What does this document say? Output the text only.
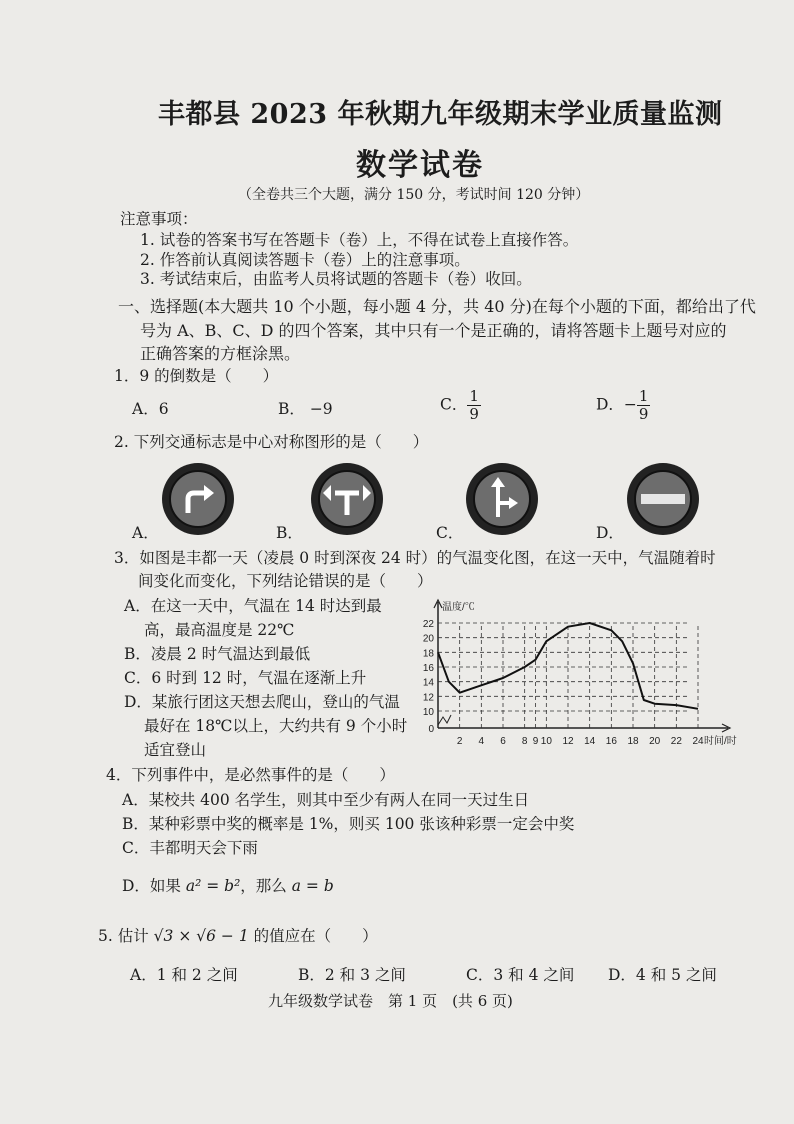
丰都县 2023 年秋期九年级期末学业质量监测
数学试卷
（全卷共三个大题，满分 150 分，考试时间 120 分钟）
注意事项：
1. 试卷的答案书写在答题卡（卷）上，不得在试卷上直接作答。
2. 作答前认真阅读答题卡（卷）上的注意事项。
3. 考试结束后，由监考人员将试题的答题卡（卷）收回。
一、选择题(本大题共 10 个小题，每小题 4 分，共 40 分)在每个小题的下面，都给出了代
号为 A、B、C、D 的四个答案，其中只有一个是正确的，请将答题卡上题号对应的
正确答案的方框涂黑。
1．9 的倒数是（　　）
A．6	B． −9	C． $\frac{1}{9}$	D．− $\frac{1}{9}$
2. 下列交通标志是中心对称图形的是（　　）
A．	B．	C．	D．
3．如图是丰都一天（凌晨 0 时到深夜 24 时）的气温变化图，在这一天中，气温随着时
间变化而变化，下列结论错误的是（　　）
A．在这一天中，气温在 14 时达到最
高，最高温度是 22℃
B．凌晨 2 时气温达到最低
C．6 时到 12 时，气温在逐渐上升
D．某旅行团这天想去爬山，登山的气温
最好在 18℃以上，大约共有 9 个小时
适宜登山
10
12
14
16
18
20
22
0
2 4 6 8 9 10 12 14 16 18 20 22 24
温度/℃
时间/时
4．下列事件中，是必然事件的是（　　）
A．某校共 400 名学生，则其中至少有两人在同一天过生日
B．某种彩票中奖的概率是 1%，则买 100 张该种彩票一定会中奖
C．丰都明天会下雨
D．如果 a² = b²，那么 a = b
5. 估计 √3 × √6 − 1 的值应在（　　）
A．1 和 2 之间	B．2 和 3 之间	C．3 和 4 之间 D．4 和 5 之间
九年级数学试卷　第 1 页　(共 6 页)
